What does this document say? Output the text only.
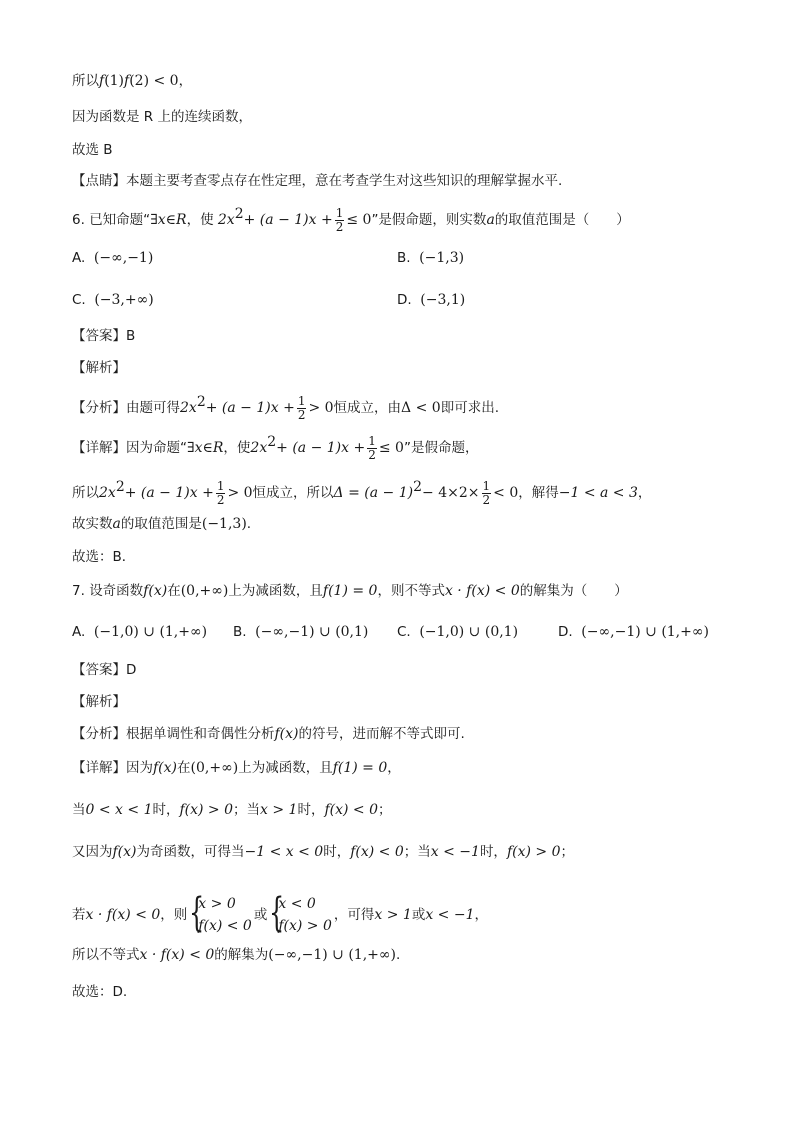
所以f(1)f(2) < 0，
因为函数是 R 上的连续函数，
故选 B
【点睛】本题主要考查零点存在性定理，意在考查学生对这些知识的理解掌握水平.
6. 已知命题“∃x∈R，使 $2x^2+ (a - 1)x + \frac{1}{2} \le 0$”是假命题，则实数a的取值范围是（　　）
A. (−∞,−1)	B. (−1,3)
C. (−3,+∞)	D. (−3,1)
【答案】B
【解析】
【分析】由题可得$2x^2+ (a - 1)x + \frac{1}{2} > 0$恒成立，由Δ < 0即可求出.
【详解】因为命题“∃x∈R，使$2x^2+ (a - 1)x + \frac{1}{2} \le 0$”是假命题，
所以$2x^2+ (a - 1)x + \frac{1}{2} > 0$恒成立，所以$\Delta = (a - 1)^2- 4\times 2\times \frac{1}{2} < 0$，解得−1 < a < 3，
故实数a的取值范围是(−1,3).
故选：B．
7. 设奇函数f(x)在(0,+∞)上为减函数，且f(1) = 0，则不等式x · f(x) < 0的解集为（　　）
A. (−1,0) ∪ (1,+∞) B. (−∞,−1) ∪ (0,1) C. (−1,0) ∪ (0,1)	D. (−∞,−1) ∪ (1,+∞)
【答案】D
【解析】
【分析】根据单调性和奇偶性分析f(x)的符号，进而解不等式即可.
【详解】因为f(x)在(0,+∞)上为减函数，且f(1) = 0，
当0 < x < 1时，f(x) > 0；当x > 1时，f(x) < 0；
又因为f(x)为奇函数，可得当−1 < x < 0时，f(x) < 0；当x < −1时，f(x) > 0；
若x · f(x) < 0，则 {
x > 0
f(x) < 0
或 {
x < 0
f(x) > 0
，可得x > 1或x < −1，
所以不等式x · f(x) < 0的解集为(−∞,−1) ∪ (1,+∞).
故选：D.
